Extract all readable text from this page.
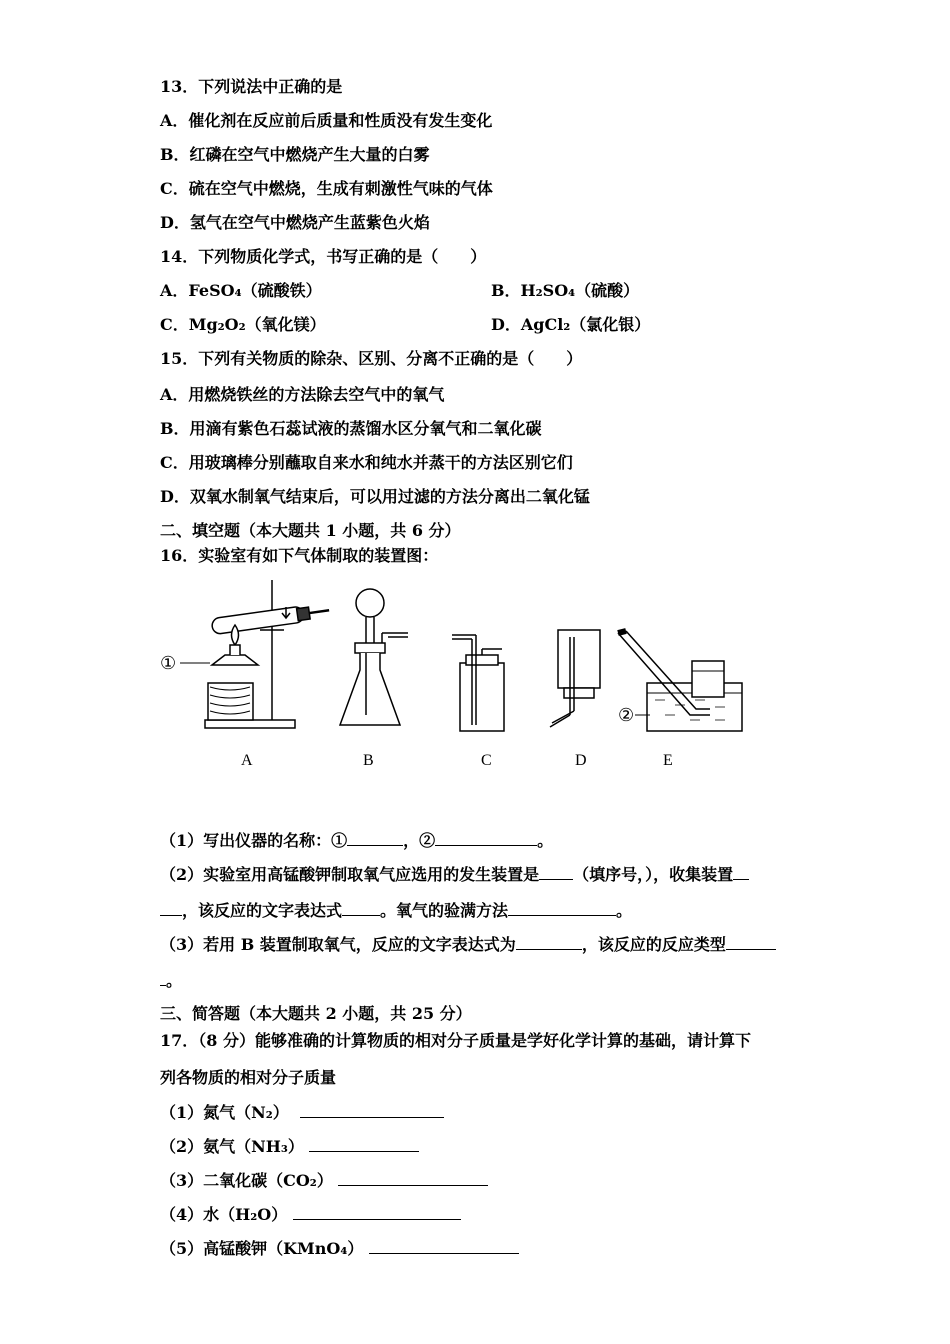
13．下列说法中正确的是
A．催化剂在反应前后质量和性质没有发生变化
B．红磷在空气中燃烧产生大量的白雾
C．硫在空气中燃烧，生成有刺激性气味的气体
D．氢气在空气中燃烧产生蓝紫色火焰
14．下列物质化学式，书写正确的是（　　）
A．FeSO₄（硫酸铁）	B．H₂SO₄（硫酸）
C．Mg₂O₂（氧化镁）	D．AgCl₂（氯化银）
15．下列有关物质的除杂、区别、分离不正确的是（　　）
A．用燃烧铁丝的方法除去空气中的氧气
B．用滴有紫色石蕊试液的蒸馏水区分氧气和二氧化碳
C．用玻璃棒分别蘸取自来水和纯水并蒸干的方法区别它们
D．双氧水制氧气结束后，可以用过滤的方法分离出二氧化锰
二、填空题（本大题共 1 小题，共 6 分）
16．实验室有如下气体制取的装置图：
①
②
A	B	C	D	E
（1）写出仪器的名称：①	，②	。
（2）实验室用高锰酸钾制取氧气应选用的发生装置是 （填序号，），收集装置
，该反应的文字表达式 。氧气的验满方法	。
（3）若用 B 装置制取氧气，反应的文字表达式为	，该反应的反应类型
。
三、简答题（本大题共 2 小题，共 25 分）
17．（8 分）能够准确的计算物质的相对分子质量是学好化学计算的基础，请计算下
列各物质的相对分子质量
（1）氮气（N₂）
（2）氨气（NH₃）
（3）二氧化碳（CO₂）
（4）水（H₂O）
（5）高锰酸钾（KMnO₄）
